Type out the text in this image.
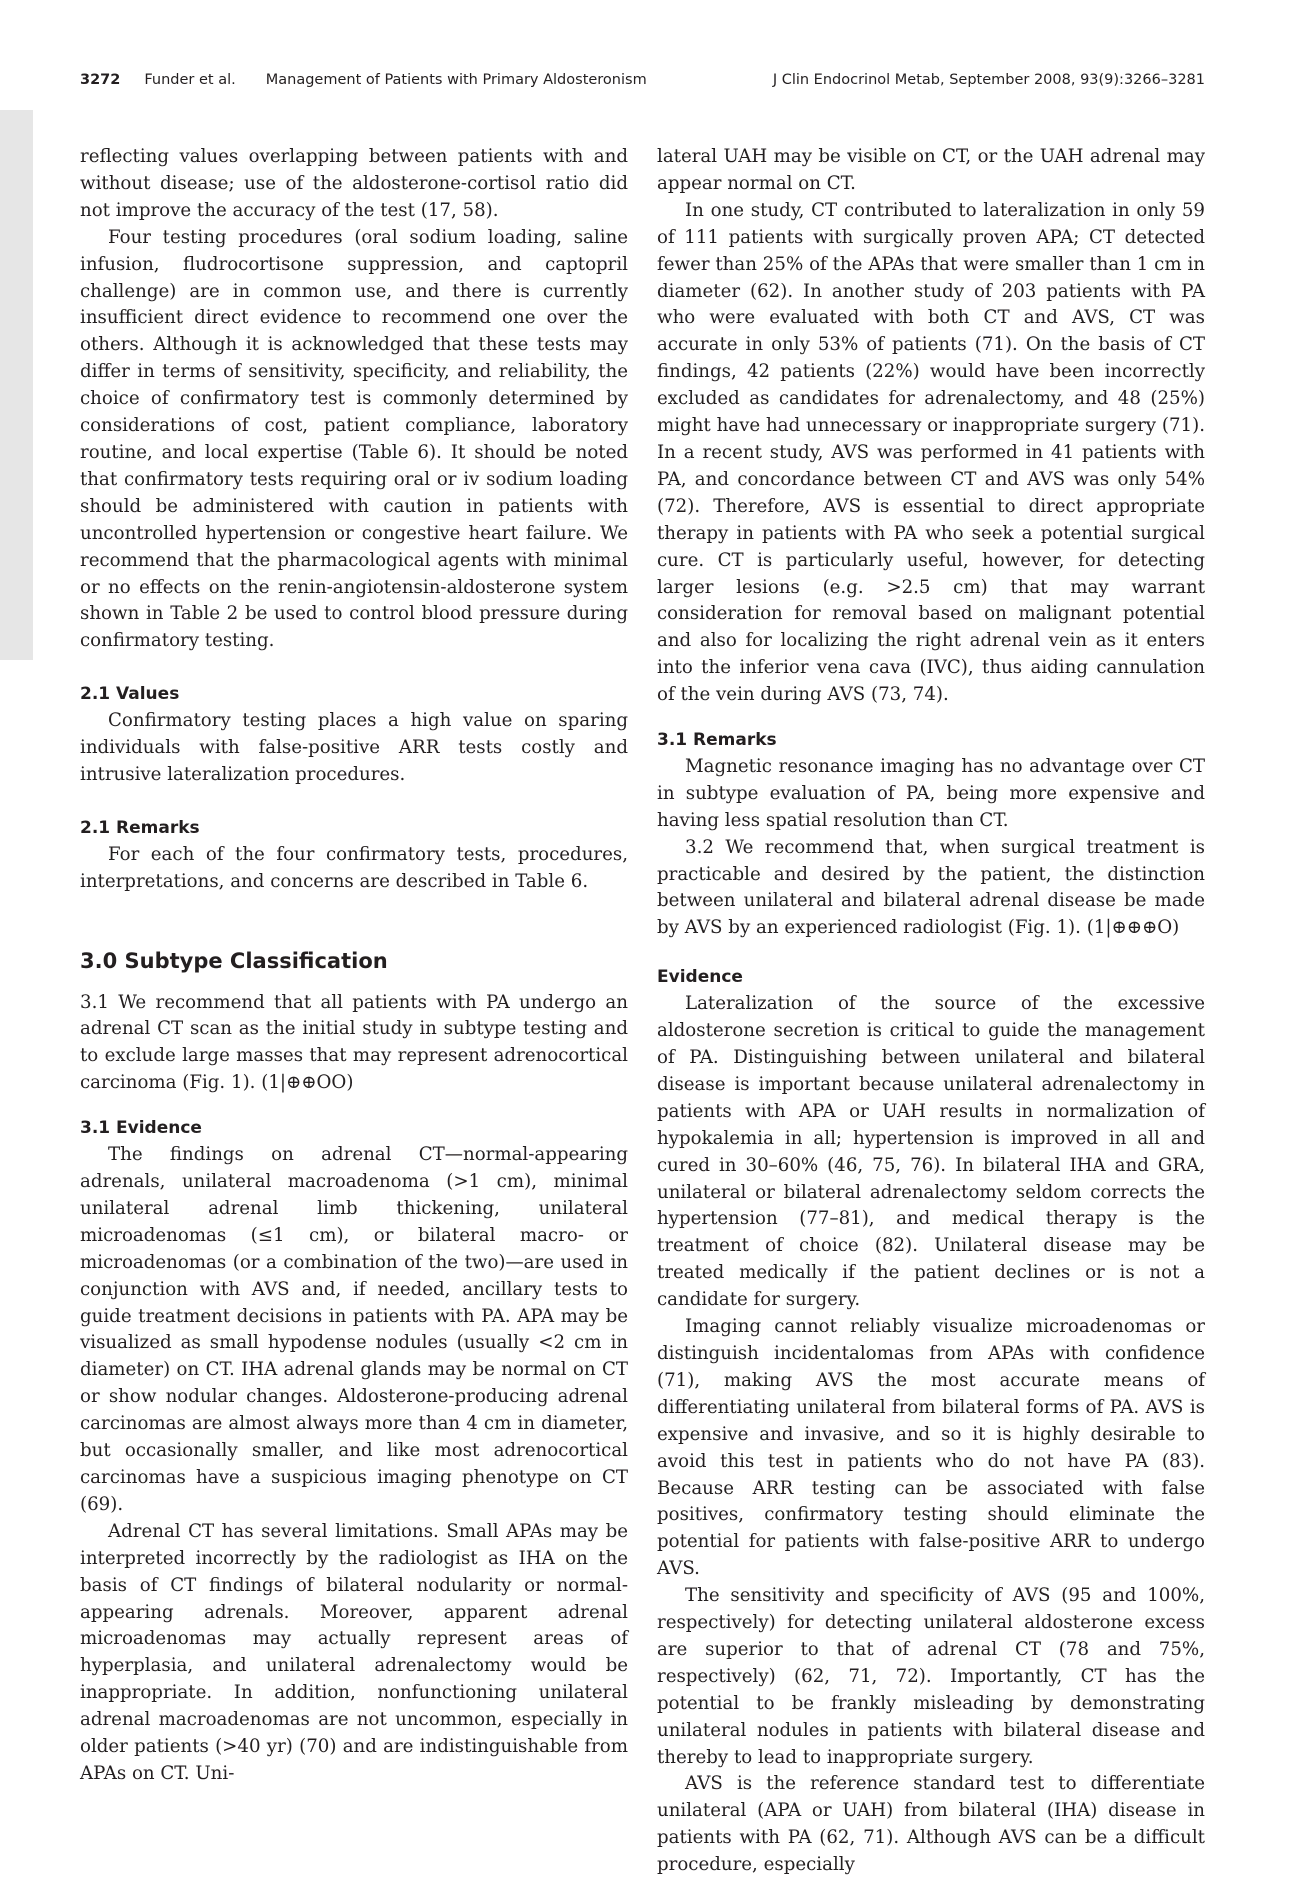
3272 Funder et al. Management of Patients with Primary Aldosteronism	J Clin Endocrinol Metab, September 2008, 93(9):3266–3281

reflecting values overlapping between patients with and without disease; use of the aldosterone-cortisol ratio did not improve the accuracy of the test (17, 58).

Four testing procedures (oral sodium loading, saline infusion, fludrocortisone suppression, and captopril challenge) are in common use, and there is currently insufficient direct evidence to recommend one over the others. Although it is acknowledged that these tests may differ in terms of sensitivity, specificity, and reliability, the choice of confirmatory test is commonly determined by considerations of cost, patient compliance, laboratory routine, and local expertise (Table 6). It should be noted that confirmatory tests requiring oral or iv sodium loading should be administered with caution in patients with uncontrolled hypertension or congestive heart failure. We recommend that the pharmacological agents with minimal or no effects on the renin-angiotensin-aldosterone system shown in Table 2 be used to control blood pressure during confirmatory testing.

2.1 Values

Confirmatory testing places a high value on sparing individuals with false-positive ARR tests costly and intrusive lateralization procedures.

2.1 Remarks

For each of the four confirmatory tests, procedures, interpretations, and concerns are described in Table 6.

3.0 Subtype Classification

3.1 We recommend that all patients with PA undergo an adrenal CT scan as the initial study in subtype testing and to exclude large masses that may represent adrenocortical carcinoma (Fig. 1). (1|⊕⊕OO)

3.1 Evidence

The findings on adrenal CT—normal-appearing adrenals, unilateral macroadenoma (>1 cm), minimal unilateral adrenal limb thickening, unilateral microadenomas (≤1 cm), or bilateral macro- or microadenomas (or a combination of the two)—are used in conjunction with AVS and, if needed, ancillary tests to guide treatment decisions in patients with PA. APA may be visualized as small hypodense nodules (usually <2 cm in diameter) on CT. IHA adrenal glands may be normal on CT or show nodular changes. Aldosterone-producing adrenal carcinomas are almost always more than 4 cm in diameter, but occasionally smaller, and like most adrenocortical carcinomas have a suspicious imaging phenotype on CT (69).

Adrenal CT has several limitations. Small APAs may be interpreted incorrectly by the radiologist as IHA on the basis of CT findings of bilateral nodularity or normal-appearing adrenals. Moreover, apparent adrenal microadenomas may actually represent areas of hyperplasia, and unilateral adrenalectomy would be inappropriate. In addition, nonfunctioning unilateral adrenal macroadenomas are not uncommon, especially in older patients (>40 yr) (70) and are indistinguishable from APAs on CT. Uni-

lateral UAH may be visible on CT, or the UAH adrenal may appear normal on CT.

In one study, CT contributed to lateralization in only 59 of 111 patients with surgically proven APA; CT detected fewer than 25% of the APAs that were smaller than 1 cm in diameter (62). In another study of 203 patients with PA who were evaluated with both CT and AVS, CT was accurate in only 53% of patients (71). On the basis of CT findings, 42 patients (22%) would have been incorrectly excluded as candidates for adrenalectomy, and 48 (25%) might have had unnecessary or inappropriate surgery (71). In a recent study, AVS was performed in 41 patients with PA, and concordance between CT and AVS was only 54% (72). Therefore, AVS is essential to direct appropriate therapy in patients with PA who seek a potential surgical cure. CT is particularly useful, however, for detecting larger lesions (e.g. >2.5 cm) that may warrant consideration for removal based on malignant potential and also for localizing the right adrenal vein as it enters into the inferior vena cava (IVC), thus aiding cannulation of the vein during AVS (73, 74).

3.1 Remarks

Magnetic resonance imaging has no advantage over CT in subtype evaluation of PA, being more expensive and having less spatial resolution than CT.

3.2 We recommend that, when surgical treatment is practicable and desired by the patient, the distinction between unilateral and bilateral adrenal disease be made by AVS by an experienced radiologist (Fig. 1). (1|⊕⊕⊕O)

Evidence

Lateralization of the source of the excessive aldosterone secretion is critical to guide the management of PA. Distinguishing between unilateral and bilateral disease is important because unilateral adrenalectomy in patients with APA or UAH results in normalization of hypokalemia in all; hypertension is improved in all and cured in 30–60% (46, 75, 76). In bilateral IHA and GRA, unilateral or bilateral adrenalectomy seldom corrects the hypertension (77–81), and medical therapy is the treatment of choice (82). Unilateral disease may be treated medically if the patient declines or is not a candidate for surgery.

Imaging cannot reliably visualize microadenomas or distinguish incidentalomas from APAs with confidence (71), making AVS the most accurate means of differentiating unilateral from bilateral forms of PA. AVS is expensive and invasive, and so it is highly desirable to avoid this test in patients who do not have PA (83). Because ARR testing can be associated with false positives, confirmatory testing should eliminate the potential for patients with false-positive ARR to undergo AVS.

The sensitivity and specificity of AVS (95 and 100%, respectively) for detecting unilateral aldosterone excess are superior to that of adrenal CT (78 and 75%, respectively) (62, 71, 72). Importantly, CT has the potential to be frankly misleading by demonstrating unilateral nodules in patients with bilateral disease and thereby to lead to inappropriate surgery.

AVS is the reference standard test to differentiate unilateral (APA or UAH) from bilateral (IHA) disease in patients with PA (62, 71). Although AVS can be a difficult procedure, especially
